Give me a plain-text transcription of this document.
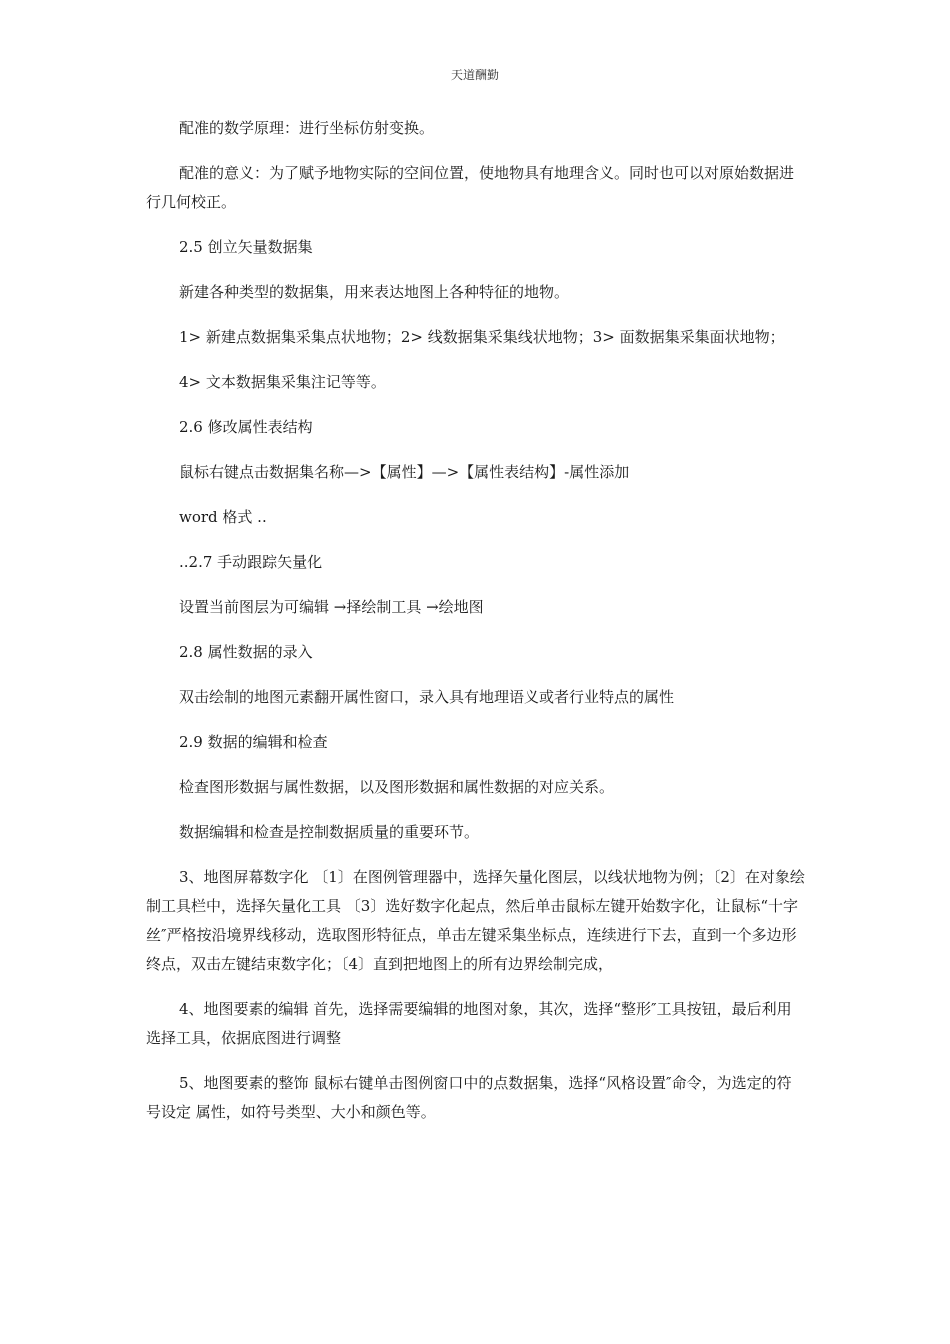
天道酬勤

配准的数学原理：进行坐标仿射变换。

配准的意义：为了赋予地物实际的空间位置，使地物具有地理含义。同时也可以对原始数据进行几何校正。

2.5 创立矢量数据集

新建各种类型的数据集，用来表达地图上各种特征的地物。

1> 新建点数据集采集点状地物；2> 线数据集采集线状地物；3> 面数据集采集面状地物；

4> 文本数据集采集注记等等。

2.6 修改属性表结构

鼠标右键点击数据集名称—>【属性】—>【属性表结构】-属性添加

word 格式 ..

..2.7 手动跟踪矢量化

设置当前图层为可编辑 →择绘制工具 →绘地图

2.8 属性数据的录入

双击绘制的地图元素翻开属性窗口，录入具有地理语义或者行业特点的属性

2.9 数据的编辑和检查

检查图形数据与属性数据，以及图形数据和属性数据的对应关系。

数据编辑和检查是控制数据质量的重要环节。

3、地图屏幕数字化 〔1〕在图例管理器中，选择矢量化图层，以线状地物为例；〔2〕在对象绘制工具栏中，选择矢量化工具 〔3〕选好数字化起点，然后单击鼠标左键开始数字化，让鼠标“十字丝″严格按沿境界线移动，选取图形特征点，单击左键采集坐标点，连续进行下去，直到一个多边形终点，双击左键结束数字化；〔4〕直到把地图上的所有边界绘制完成，

4、地图要素的编辑 首先，选择需要编辑的地图对象，其次，选择“整形″工具按钮，最后利用选择工具，依据底图进行调整

5、地图要素的整饰 鼠标右键单击图例窗口中的点数据集，选择“风格设置″命令，为选定的符号设定 属性，如符号类型、大小和颜色等。
